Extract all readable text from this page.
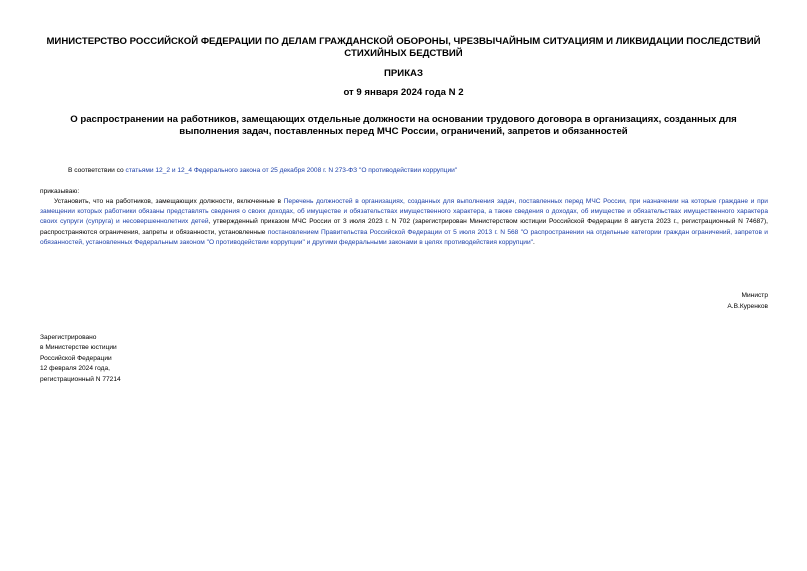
МИНИСТЕРСТВО РОССИЙСКОЙ ФЕДЕРАЦИИ ПО ДЕЛАМ ГРАЖДАНСКОЙ ОБОРОНЫ, ЧРЕЗВЫЧАЙНЫМ СИТУАЦИЯМ И ЛИКВИДАЦИИ ПОСЛЕДСТВИЙ СТИХИЙНЫХ БЕДСТВИЙ
ПРИКАЗ
от 9 января 2024 года N 2
О распространении на работников, замещающих отдельные должности на основании трудового договора в организациях, созданных для выполнения задач, поставленных перед МЧС России, ограничений, запретов и обязанностей
В соответствии со статьями 12_2 и 12_4 Федерального закона от 25 декабря 2008 г. N 273-ФЗ "О противодействии коррупции"
приказываю:
Установить, что на работников, замещающих должности, включенные в Перечень должностей в организациях, созданных для выполнения задач, поставленных перед МЧС России, при назначении на которые граждане и при замещении которых работники обязаны представлять сведения о своих доходах, об имуществе и обязательствах имущественного характера, а также сведения о доходах, об имуществе и обязательствах имущественного характера своих супруги (супруга) и несовершеннолетних детей, утвержденный приказом МЧС России от 3 июля 2023 г. N 702 (зарегистрирован Министерством юстиции Российской Федерации 8 августа 2023 г., регистрационный N 74687), распространяются ограничения, запреты и обязанности, установленные постановлением Правительства Российской Федерации от 5 июля 2013 г. N 568 "О распространении на отдельные категории граждан ограничений, запретов и обязанностей, установленных Федеральным законом "О противодействии коррупции" и другими федеральными законами в целях противодействия коррупции".
Министр
А.В.Куренков
Зарегистрировано
в Министерстве юстиции
Российской Федерации
12 февраля 2024 года,
регистрационный N 77214
